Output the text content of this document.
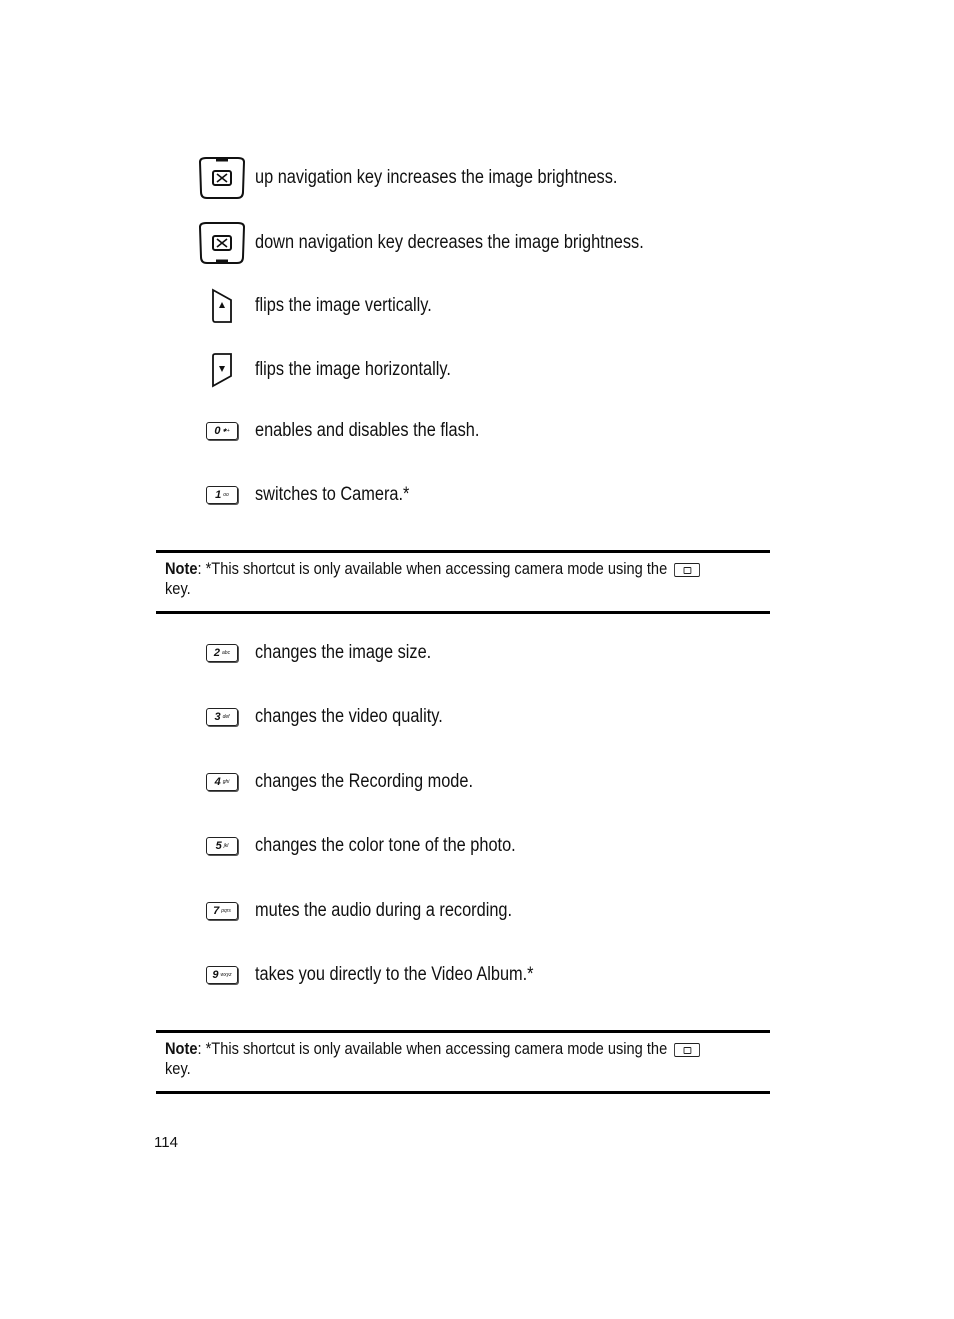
up navigation key increases the image brightness.
down navigation key decreases the image brightness.
flips the image vertically.
flips the image horizontally.
0 ✱+ enables and disables the flash.
1 oo switches to Camera.*
Note: *This shortcut is only available when accessing camera mode using the
key.
2 abc changes the image size.
3 def changes the video quality.
4 ghi changes the Recording mode.
5 jkl changes the color tone of the photo.
7 pqrs mutes the audio during a recording.
9 wxyz takes you directly to the Video Album.*
Note: *This shortcut is only available when accessing camera mode using the
key.
114
